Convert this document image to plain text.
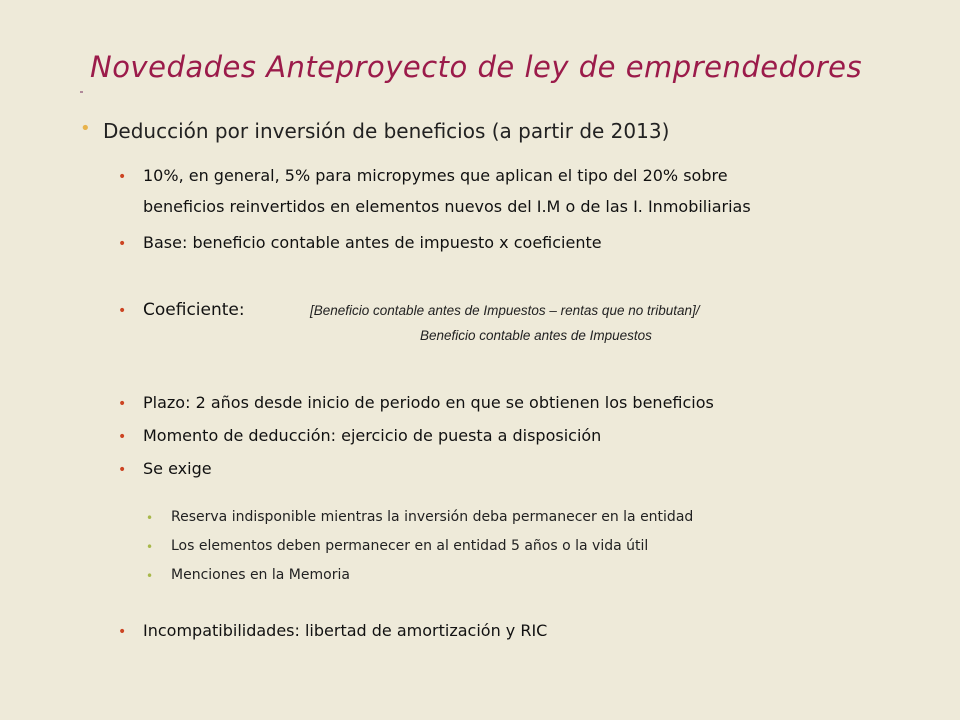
Novedades Anteproyecto de ley de emprendedores
• Deducción por inversión de beneficios (a partir de 2013)
• 10%, en general, 5% para micropymes que aplican el tipo del 20% sobre
beneficios reinvertidos en elementos nuevos del I.M o de las I. Inmobiliarias
• Base: beneficio contable antes de impuesto x coeficiente
• Coeficiente:	[Beneficio contable antes de Impuestos – rentas que no tributan]/
Beneficio contable antes de Impuestos
• Plazo: 2 años desde inicio de periodo en que se obtienen los beneficios
• Momento de deducción: ejercicio de puesta a disposición
• Se exige
• Reserva indisponible mientras la inversión deba permanecer en la entidad
• Los elementos deben permanecer en al entidad 5 años o la vida útil
• Menciones en la Memoria
• Incompatibilidades: libertad de amortización y RIC
